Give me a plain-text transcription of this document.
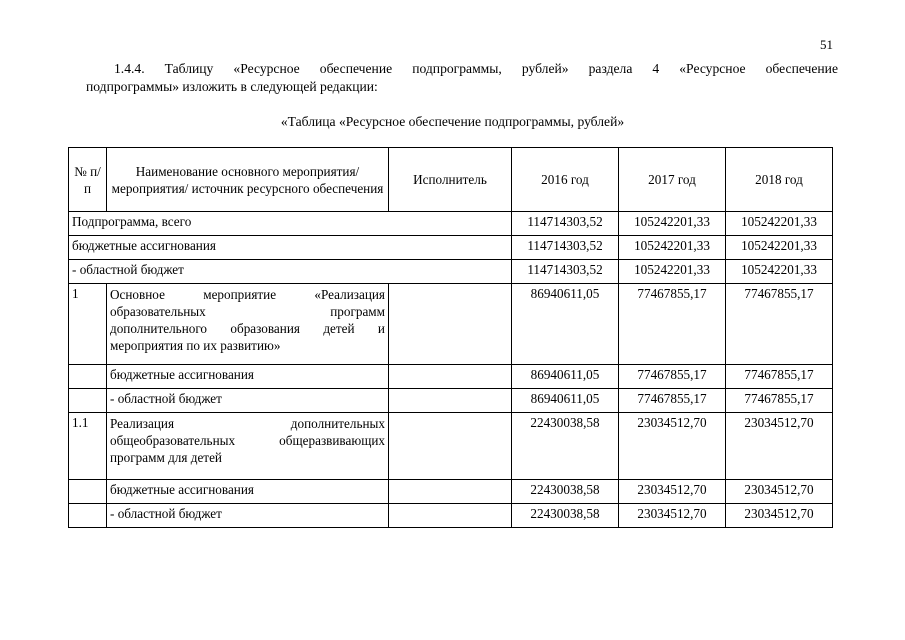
51
1.4.4. Таблицу «Ресурсное обеспечение подпрограммы, рублей» раздела 4 «Ресурсное обеспечение
подпрограммы» изложить в следующей редакции:
«Таблица «Ресурсное обеспечение подпрограммы, рублей»
№ п/п	Наименование основного мероприятия/мероприятия/ источник ресурсного обеспечения	Исполнитель	2016 год	2017 год	2018 год
Подпрограмма, всего			114714303,52	105242201,33	105242201,33
бюджетные ассигнования			114714303,52	105242201,33	105242201,33
- областной бюджет			114714303,52	105242201,33	105242201,33
1	Основное мероприятие «Реализация
образовательных программ
дополнительного образования детей и
мероприятия по их развитию»		86940611,05	77467855,17	77467855,17
	бюджетные ассигнования		86940611,05	77467855,17	77467855,17
	- областной бюджет		86940611,05	77467855,17	77467855,17
1.1	Реализация дополнительных
общеобразовательных общеразвивающих
программ для детей		22430038,58	23034512,70	23034512,70
	бюджетные ассигнования		22430038,58	23034512,70	23034512,70
	- областной бюджет		22430038,58	23034512,70	23034512,70
